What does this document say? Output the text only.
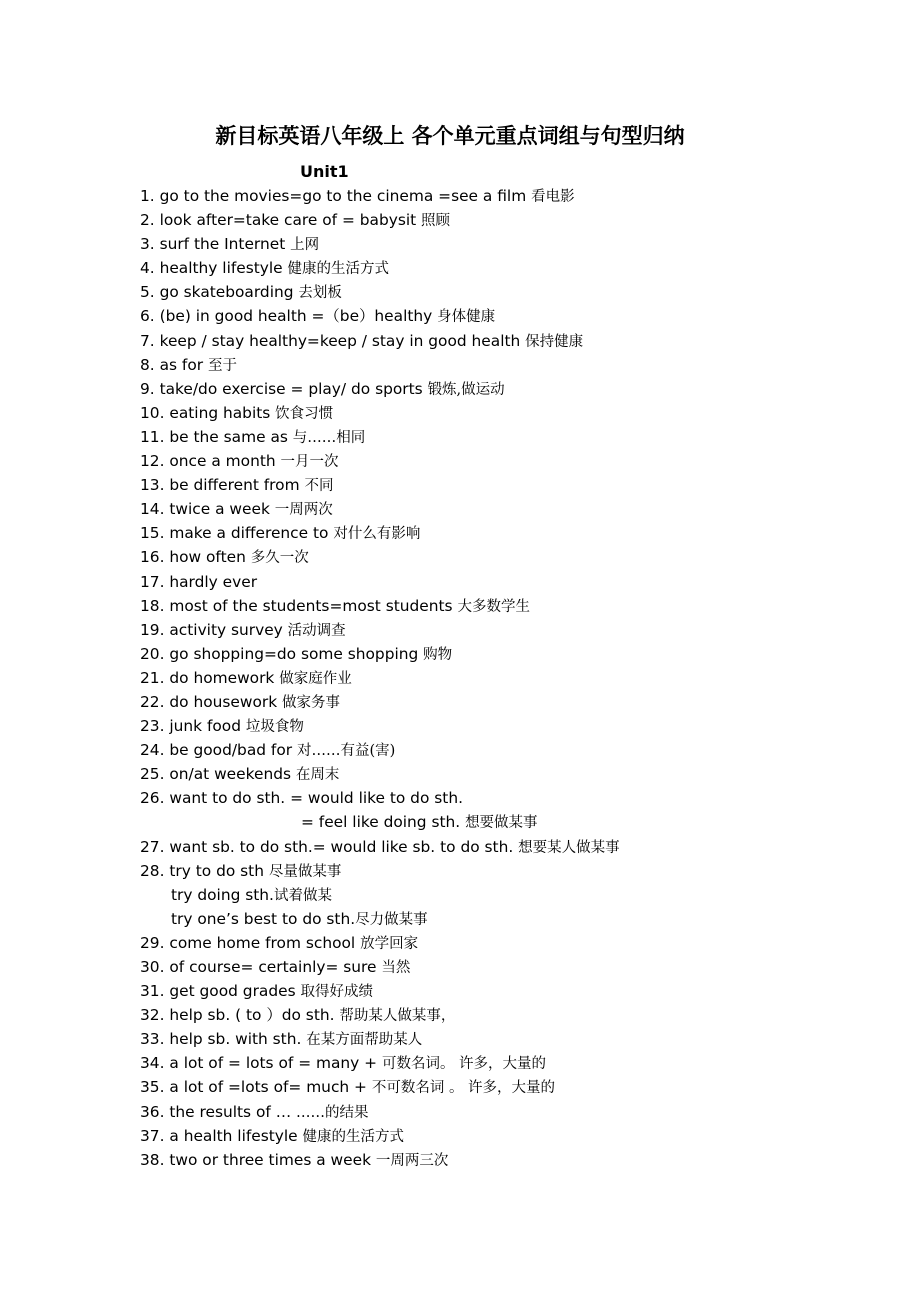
新目标英语八年级上 各个单元重点词组与句型归纳
Unit1
1. go to the movies=go to the cinema =see a film 看电影
2. look after=take care of = babysit 照顾
3. surf the Internet 上网
4. healthy lifestyle 健康的生活方式
5. go skateboarding 去划板
6. (be) in good health =（be）healthy 身体健康
7. keep / stay healthy=keep / stay in good health 保持健康
8. as for 至于
9. take/do exercise = play/ do sports 锻炼,做运动
10. eating habits 饮食习惯
11. be the same as 与……相同
12. once a month 一月一次
13. be different from 不同
14. twice a week 一周两次
15. make a difference to 对什么有影响
16. how often 多久一次
17. hardly ever
18. most of the students=most students 大多数学生
19. activity survey 活动调查
20. go shopping=do some shopping 购物
21. do homework 做家庭作业
22. do housework 做家务事
23. junk food 垃圾食物
24. be good/bad for 对……有益(害)
25. on/at weekends 在周末
26. want to do sth. = would like to do sth.
= feel like doing sth. 想要做某事
27. want sb. to do sth.= would like sb. to do sth. 想要某人做某事
28. try to do sth 尽量做某事
try doing sth.试着做某
try one’s best to do sth.尽力做某事
29. come home from school 放学回家
30. of course= certainly= sure 当然
31. get good grades 取得好成绩
32. help sb. ( to ）do sth. 帮助某人做某事，
33. help sb. with sth. 在某方面帮助某人
34. a lot of = lots of = many + 可数名词。 许多，大量的
35. a lot of =lots of= much + 不可数名词 。 许多，大量的
36. the results of … ……的结果
37. a health lifestyle 健康的生活方式
38. two or three times a week 一周两三次
